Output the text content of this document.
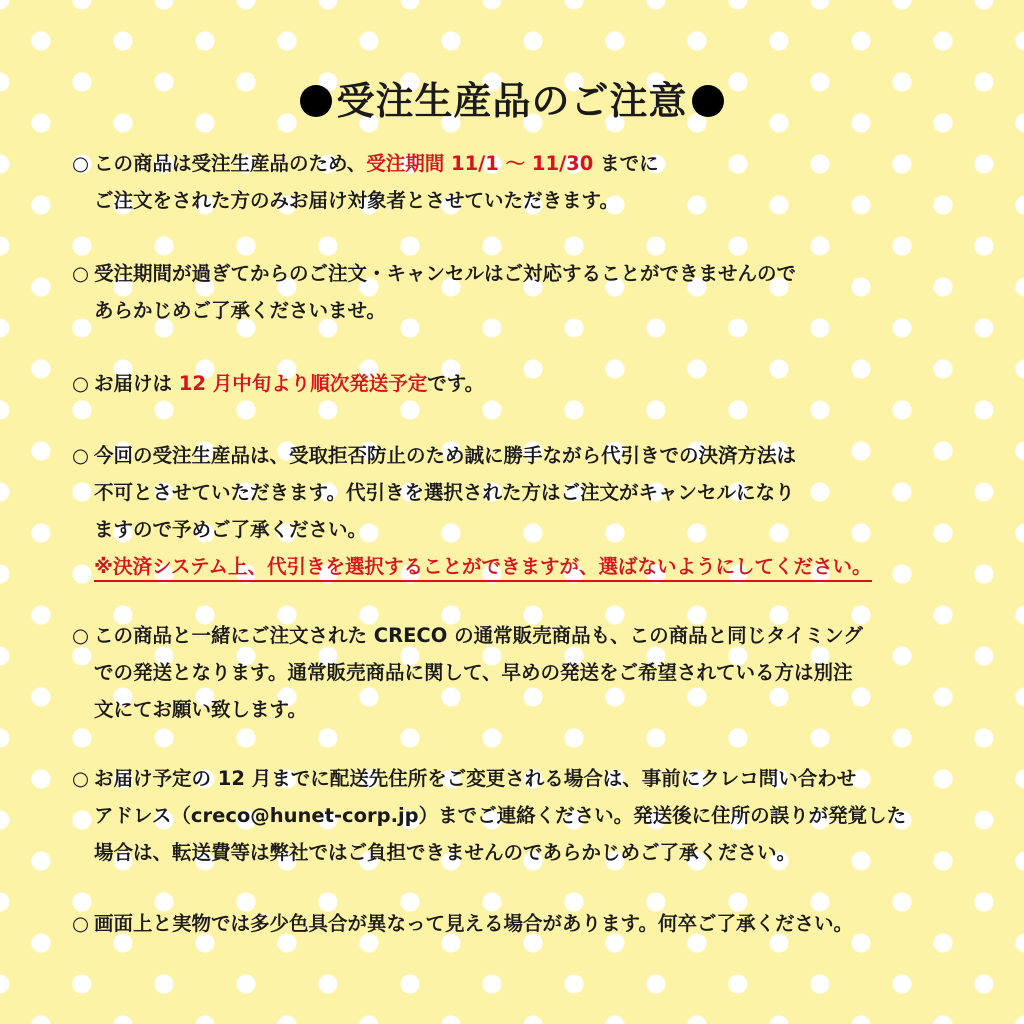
受注生産品のご注意
○ この商品は受注生産品のため、受注期間 11/1 ～ 11/30 までに
ご注文をされた方のみお届け対象者とさせていただきます。
○ 受注期間が過ぎてからのご注文・キャンセルはご対応することができませんので
あらかじめご了承くださいませ。
○ お届けは 12 月中旬より順次発送予定です。
○ 今回の受注生産品は、受取拒否防止のため誠に勝手ながら代引きでの決済方法は
不可とさせていただきます。代引きを選択された方はご注文がキャンセルになり
ますので予めご了承ください。
※決済システム上、代引きを選択することができますが、選ばないようにしてください。
○ この商品と一緒にご注文された CRECO の通常販売商品も、この商品と同じタイミング
での発送となります。通常販売商品に関して、早めの発送をご希望されている方は別注
文にてお願い致します。
○ お届け予定の 12 月までに配送先住所をご変更される場合は、事前にクレコ問い合わせ
アドレス（creco@hunet-corp.jp）までご連絡ください。発送後に住所の誤りが発覚した
場合は、転送費等は弊社ではご負担できませんのであらかじめご了承ください。
○ 画面上と実物では多少色具合が異なって見える場合があります。何卒ご了承ください。
